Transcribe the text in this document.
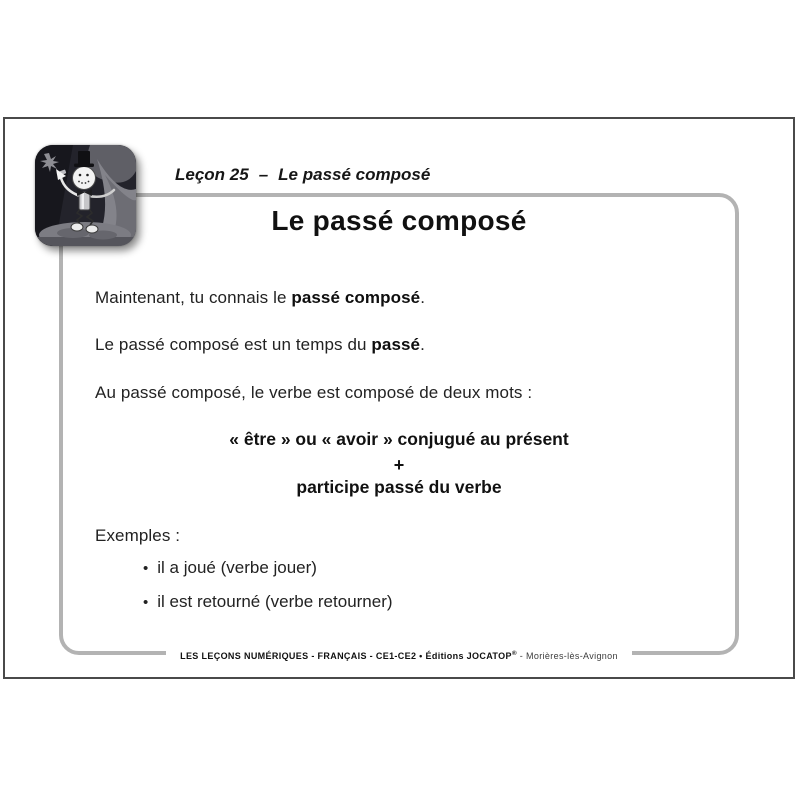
Leçon 25 – Le passé composé
Le passé composé
Maintenant, tu connais le passé composé.
Le passé composé est un temps du passé.
Au passé composé, le verbe est composé de deux mots :
« être » ou « avoir » conjugué au présent
+
participe passé du verbe
Exemples :
• il a joué (verbe jouer)
• il est retourné (verbe retourner)
LES LEÇONS NUMÉRIQUES - FRANÇAIS - CE1-CE2 • Éditions JOCATOP® - Morières-lès-Avignon
